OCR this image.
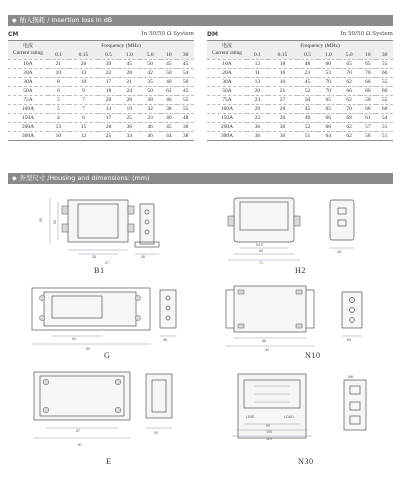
◆ 插入损耗 / Insertion loss in dB
CM	In 50/50 Ω System
电流
Current rating	Frequency (MHz)						
	0.1	0.15	0.5	1.0	5.0	10	30
10A	21	26	39	45	50	45	45
20A	10	13	22	28	42	50	54
30A	8	10	17	21	35	40	50
50A	6	9	18	24	50	62	45
75A	5	7	20	28	38	46	55
100A	5	7	13	19	32	38	55
150A	4	6	17	25	33	40	48
200A	13	15	28	36	46	45	38
300A	10	12	25	34	46	44	38
DM	In 50/50 Ω System
电流
Current rating	Frequency (MHz)						
	0.1	0.15	0.5	1.0	5.0	10	30
10A	12	18	48	60	65	65	55
20A	11	16	23	53	70	70	66
30A	13	10	45	70	62	66	55
50A	20	21	52	70	66	60	60
75A	23	27	50	65	62	50	55
100A	29	20	45	65	70	68	60
150A	22	30	46	66	68	61	54
200A	36	30	52	66	62	57	51
300A	36	30	51	64	62	58	51
◆ 外型尺寸 /Housing and dimensions: (mm)
95	60
28	36
27
B1
54.2
60
71
45
H2
50
50
45
G
66
84
60
N10
57
87
45
E
LINE	LOAD
90
100
110
M6
N30
